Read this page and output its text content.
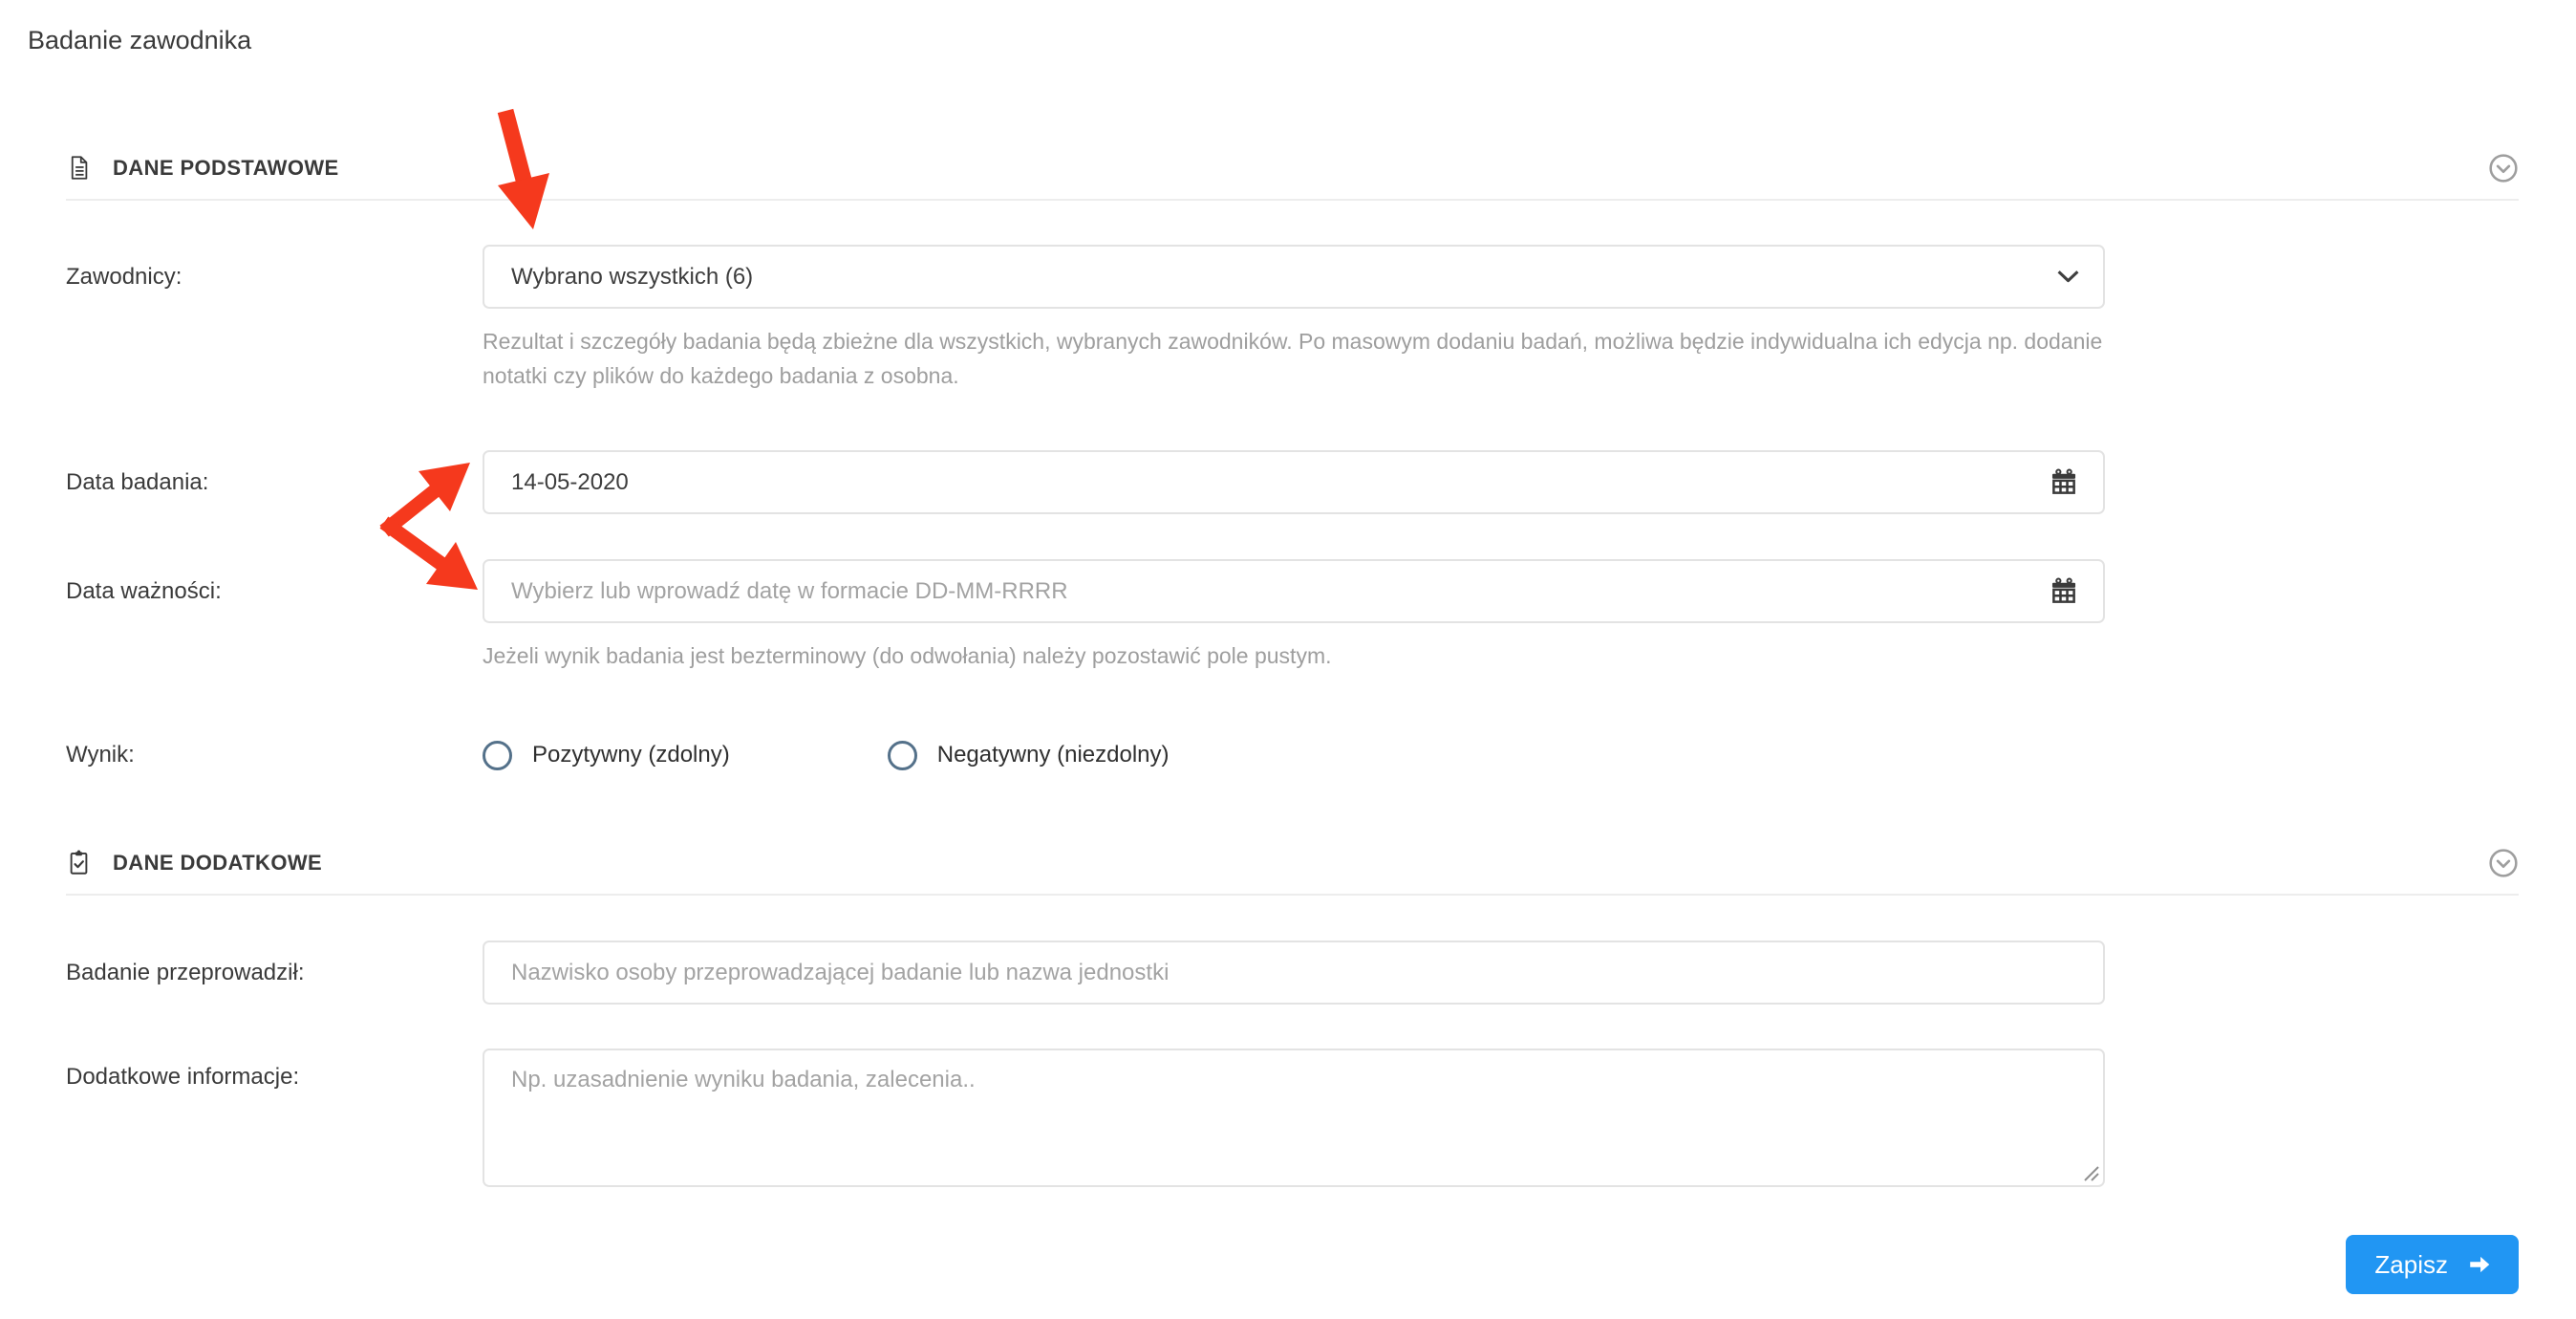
Badanie zawodnika
DANE PODSTAWOWE
Zawodnicy:	Wybrano wszystkich (6)
Rezultat i szczegóły badania będą zbieżne dla wszystkich, wybranych zawodników. Po masowym dodaniu badań, możliwa będzie indywidualna ich edycja np. dodanie notatki czy plików do każdego badania z osobna.
Data badania:
14-05-2020
Data ważności:
Wybierz lub wprowadź datę w formacie DD-MM-RRRR
Jeżeli wynik badania jest bezterminowy (do odwołania) należy pozostawić pole pustym.
Wynik:	Pozytywny (zdolny)	Negatywny (niezdolny)
DANE DODATKOWE
Badanie przeprowadził:
Nazwisko osoby przeprowadzającej badanie lub nazwa jednostki
Dodatkowe informacje:
Np. uzasadnienie wyniku badania, zalecenia..
Zapisz
